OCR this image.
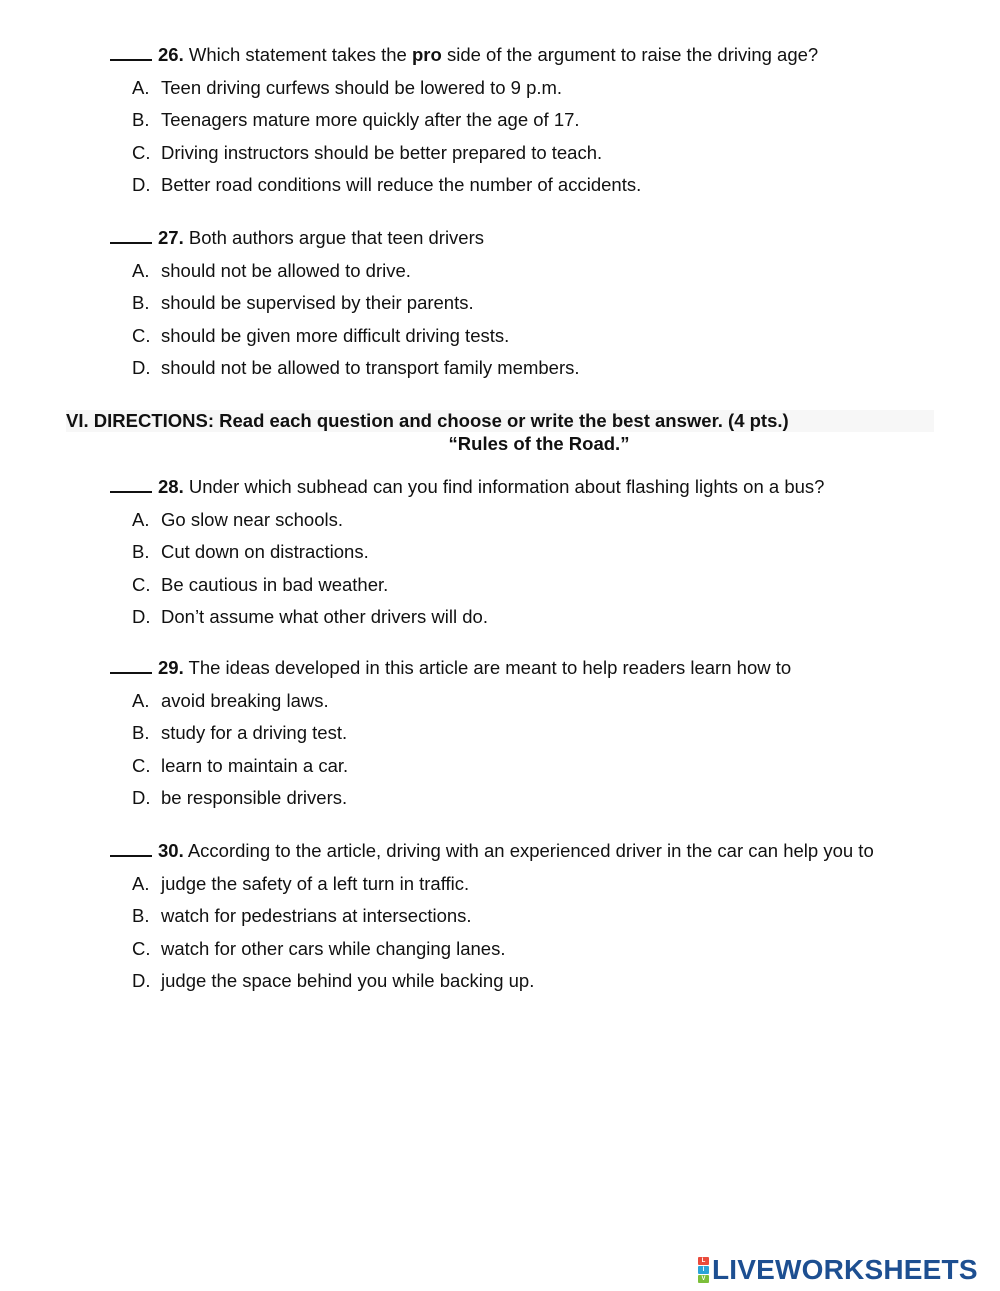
26. Which statement takes the pro side of the argument to raise the driving age?
A. Teen driving curfews should be lowered to 9 p.m.
B. Teenagers mature more quickly after the age of 17.
C. Driving instructors should be better prepared to teach.
D. Better road conditions will reduce the number of accidents.
27. Both authors argue that teen drivers
A. should not be allowed to drive.
B. should be supervised by their parents.
C. should be given more difficult driving tests.
D. should not be allowed to transport family members.
VI. DIRECTIONS: Read each question and choose or write the best answer. (4 pts.)
“Rules of the Road.”
28. Under which subhead can you find information about flashing lights on a bus?
A. Go slow near schools.
B. Cut down on distractions.
C. Be cautious in bad weather.
D. Don’t assume what other drivers will do.
29. The ideas developed in this article are meant to help readers learn how to
A. avoid breaking laws.
B. study for a driving test.
C. learn to maintain a car.
D. be responsible drivers.
30. According to the article, driving with an experienced driver in the car can help you to
A. judge the safety of a left turn in traffic.
B. watch for pedestrians at intersections.
C. watch for other cars while changing lanes.
D. judge the space behind you while backing up.
L
I
V LIVEWORKSHEETS
